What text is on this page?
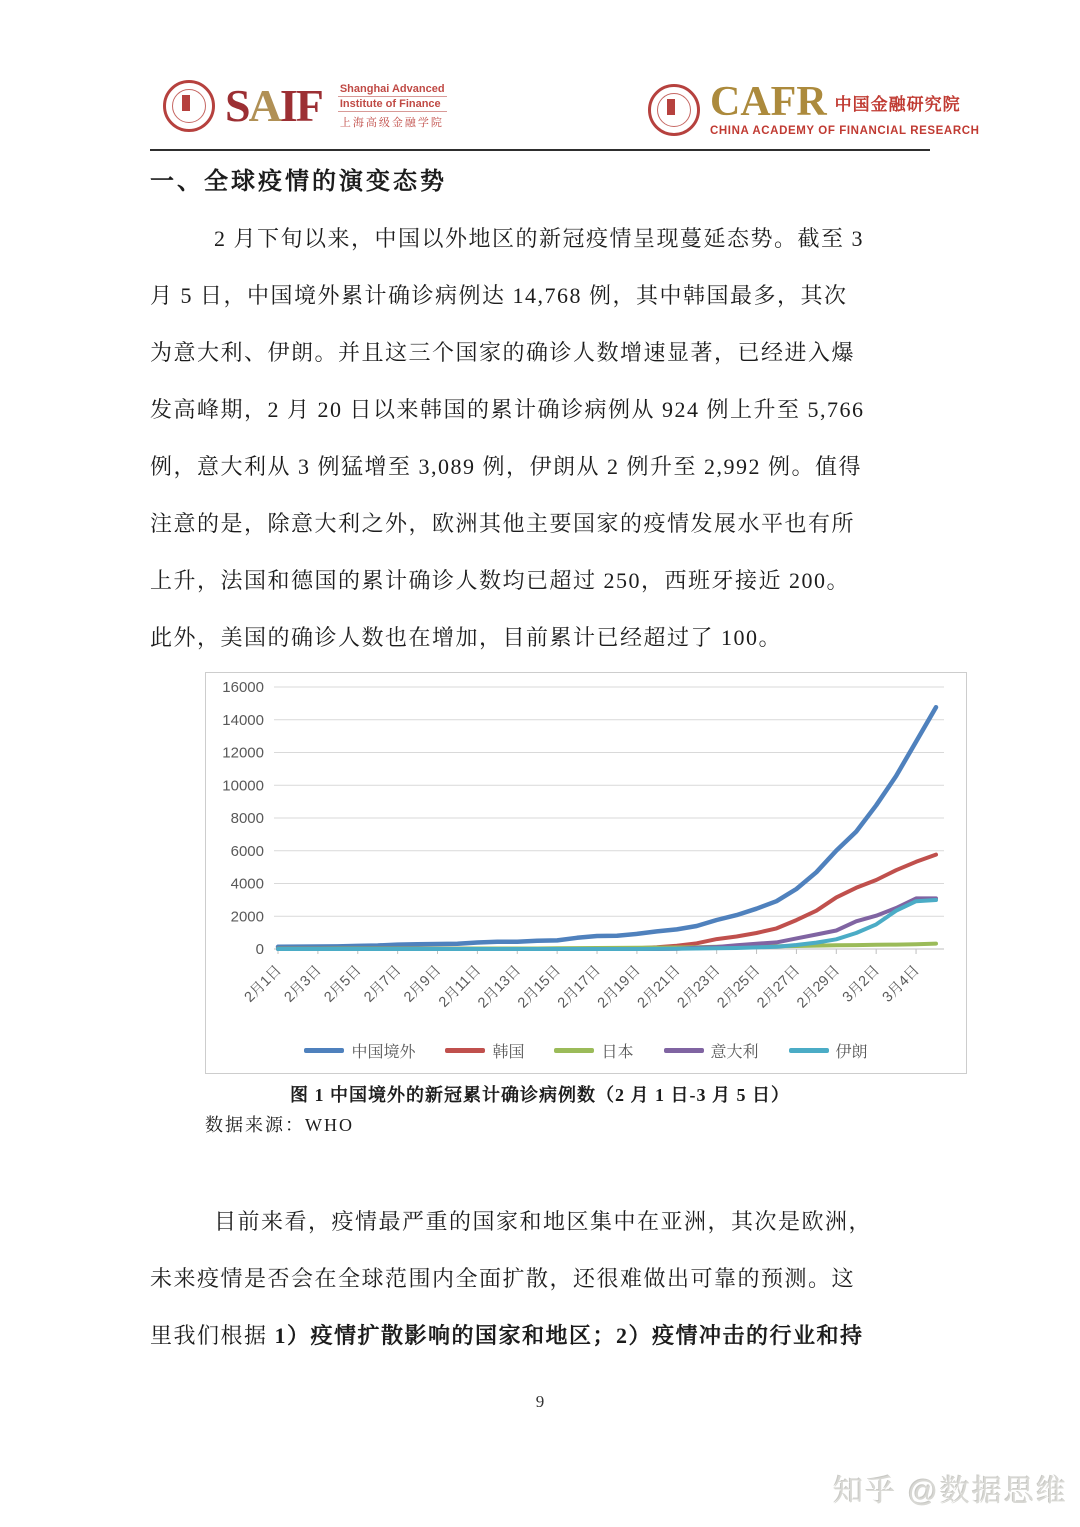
SAIF Shanghai Advanced
Institute of Finance
上海高级金融学院	CAFR 中国金融研究院
CHINA ACADEMY OF FINANCIAL RESEARCH
一、全球疫情的演变态势
2 月下旬以来，中国以外地区的新冠疫情呈现蔓延态势。截至 3
月 5 日，中国境外累计确诊病例达 14,768 例，其中韩国最多，其次
为意大利、伊朗。并且这三个国家的确诊人数增速显著，已经进入爆
发高峰期，2 月 20 日以来韩国的累计确诊病例从 924 例上升至 5,766
例，意大利从 3 例猛增至 3,089 例，伊朗从 2 例升至 2,992 例。值得
注意的是，除意大利之外，欧洲其他主要国家的疫情发展水平也有所
上升，法国和德国的累计确诊人数均已超过 250，西班牙接近 200。
此外，美国的确诊人数也在增加，目前累计已经超过了 100。
0
2000
4000
6000
8000
10000
12000
14000
16000
2月1日
2月3日
2月5日
2月7日
2月9日
2月11日
2月13日
2月15日
2月17日
2月19日
2月21日
2月23日
2月25日
2月27日
2月29日
3月2日
3月4日
中国境外	韩国	日本	意大利	伊朗
图 1 中国境外的新冠累计确诊病例数（2 月 1 日-3 月 5 日）
数据来源：WHO
目前来看，疫情最严重的国家和地区集中在亚洲，其次是欧洲，
未来疫情是否会在全球范围内全面扩散，还很难做出可靠的预测。这
里我们根据 1）疫情扩散影响的国家和地区；2）疫情冲击的行业和持
9
知乎 @数据思维
